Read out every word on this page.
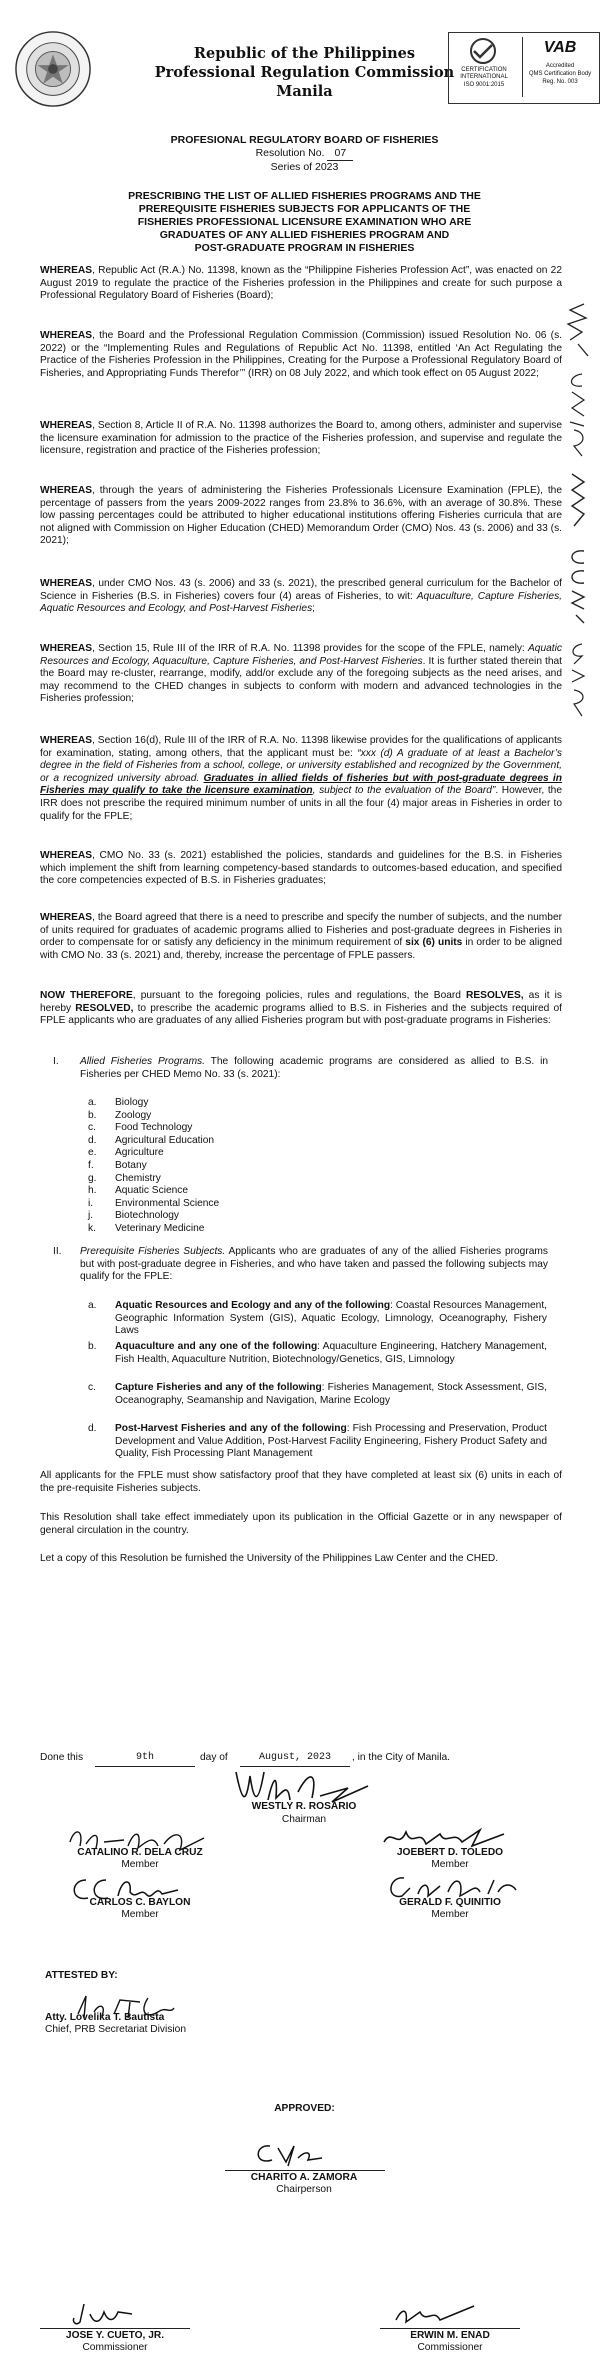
Republic of the Philippines
Professional Regulation Commission
Manila
CERTIFICATION
INTERNATIONAL
ISO 9001:2015
VAB
Accredited
QMS Certification Body
Reg. No. 003
PROFESIONAL REGULATORY BOARD OF FISHERIES
Resolution No. 07
Series of 2023
PRESCRIBING THE LIST OF ALLIED FISHERIES PROGRAMS AND THE
PREREQUISITE FISHERIES SUBJECTS FOR APPLICANTS OF THE
FISHERIES PROFESSIONAL LICENSURE EXAMINATION WHO ARE
GRADUATES OF ANY ALLIED FISHERIES PROGRAM AND
POST-GRADUATE PROGRAM IN FISHERIES
WHEREAS, Republic Act (R.A.) No. 11398, known as the “Philippine Fisheries Profession Act”, was enacted on 22 August 2019 to regulate the practice of the Fisheries profession in the Philippines and create for such purpose a Professional Regulatory Board of Fisheries (Board);
WHEREAS, the Board and the Professional Regulation Commission (Commission) issued Resolution No. 06 (s. 2022) or the “Implementing Rules and Regulations of Republic Act No. 11398, entitled ‘An Act Regulating the Practice of the Fisheries Profession in the Philippines, Creating for the Purpose a Professional Regulatory Board of Fisheries, and Appropriating Funds Therefor’” (IRR) on 08 July 2022, and which took effect on 05 August 2022;
WHEREAS, Section 8, Article II of R.A. No. 11398 authorizes the Board to, among others, administer and supervise the licensure examination for admission to the practice of the Fisheries profession, and supervise and regulate the licensure, registration and practice of the Fisheries profession;
WHEREAS, through the years of administering the Fisheries Professionals Licensure Examination (FPLE), the percentage of passers from the years 2009-2022 ranges from 23.8% to 36.6%, with an average of 30.8%. These low passing percentages could be attributed to higher educational institutions offering Fisheries curricula that are not aligned with Commission on Higher Education (CHED) Memorandum Order (CMO) Nos. 43 (s. 2006) and 33 (s. 2021);
WHEREAS, under CMO Nos. 43 (s. 2006) and 33 (s. 2021), the prescribed general curriculum for the Bachelor of Science in Fisheries (B.S. in Fisheries) covers four (4) areas of Fisheries, to wit: Aquaculture, Capture Fisheries, Aquatic Resources and Ecology, and Post-Harvest Fisheries;
WHEREAS, Section 15, Rule III of the IRR of R.A. No. 11398 provides for the scope of the FPLE, namely: Aquatic Resources and Ecology, Aquaculture, Capture Fisheries, and Post-Harvest Fisheries. It is further stated therein that the Board may re-cluster, rearrange, modify, add/or exclude any of the foregoing subjects as the need arises, and may recommend to the CHED changes in subjects to conform with modern and advanced technologies in the Fisheries profession;
WHEREAS, Section 16(d), Rule III of the IRR of R.A. No. 11398 likewise provides for the qualifications of applicants for examination, stating, among others, that the applicant must be: “xxx (d) A graduate of at least a Bachelor’s degree in the field of Fisheries from a school, college, or university established and recognized by the Government, or a recognized university abroad. Graduates in allied fields of fisheries but with post-graduate degrees in Fisheries may qualify to take the licensure examination, subject to the evaluation of the Board”. However, the IRR does not prescribe the required minimum number of units in all the four (4) major areas in Fisheries in order to qualify for the FPLE;
WHEREAS, CMO No. 33 (s. 2021) established the policies, standards and guidelines for the B.S. in Fisheries which implement the shift from learning competency-based standards to outcomes-based education, and specified the core competencies expected of B.S. in Fisheries graduates;
WHEREAS, the Board agreed that there is a need to prescribe and specify the number of subjects, and the number of units required for graduates of academic programs allied to Fisheries and post-graduate degrees in Fisheries in order to compensate for or satisfy any deficiency in the minimum requirement of six (6) units in order to be aligned with CMO No. 33 (s. 2021) and, thereby, increase the percentage of FPLE passers.
NOW THEREFORE, pursuant to the foregoing policies, rules and regulations, the Board RESOLVES, as it is hereby RESOLVED, to prescribe the academic programs allied to B.S. in Fisheries and the subjects required of FPLE applicants who are graduates of any allied Fisheries program but with post-graduate programs in Fisheries:
I. Allied Fisheries Programs. The following academic programs are considered as allied to B.S. in Fisheries per CHED Memo No. 33 (s. 2021):
a. Biology
b. Zoology
c. Food Technology
d. Agricultural Education
e. Agriculture
f. Botany
g. Chemistry
h. Aquatic Science
i. Environmental Science
j. Biotechnology
k. Veterinary Medicine
II. Prerequisite Fisheries Subjects. Applicants who are graduates of any of the allied Fisheries programs but with post-graduate degree in Fisheries, and who have taken and passed the following subjects may qualify for the FPLE:
a. Aquatic Resources and Ecology and any of the following: Coastal Resources Management, Geographic Information System (GIS), Aquatic Ecology, Limnology, Oceanography, Fishery Laws
b. Aquaculture and any one of the following: Aquaculture Engineering, Hatchery Management, Fish Health, Aquaculture Nutrition, Biotechnology/Genetics, GIS, Limnology
c. Capture Fisheries and any of the following: Fisheries Management, Stock Assessment, GIS, Oceanography, Seamanship and Navigation, Marine Ecology
d. Post-Harvest Fisheries and any of the following: Fish Processing and Preservation, Product Development and Value Addition, Post-Harvest Facility Engineering, Fishery Product Safety and Quality, Fish Processing Plant Management
All applicants for the FPLE must show satisfactory proof that they have completed at least six (6) units in each of the pre-requisite Fisheries subjects.
This Resolution shall take effect immediately upon its publication in the Official Gazette or in any newspaper of general circulation in the country.
Let a copy of this Resolution be furnished the University of the Philippines Law Center and the CHED.
Done this	9th	day of	August, 2023	, in the City of Manila.
WESTLY R. ROSARIO
Chairman
CATALINO R. DELA CRUZ
Member
JOEBERT D. TOLEDO
Member
CARLOS C. BAYLON
Member
GERALD F. QUINITIO
Member
ATTESTED BY:
Atty. Lovelika T. Bautista
Chief, PRB Secretariat Division
APPROVED:
CHARITO A. ZAMORA
Chairperson
JOSE Y. CUETO, JR.
Commissioner
ERWIN M. ENAD
Commissioner
